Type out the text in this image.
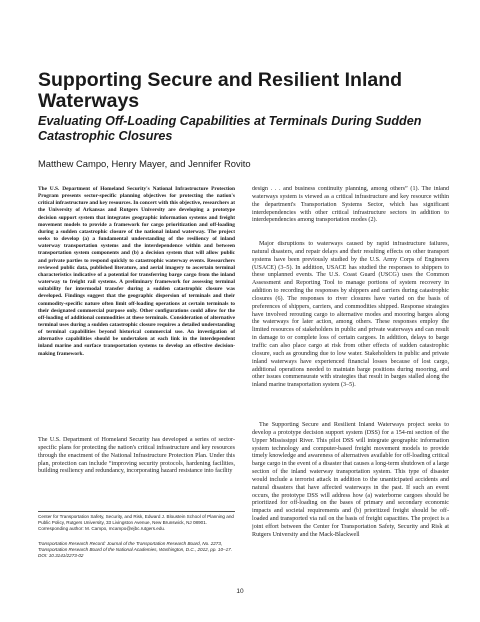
Supporting Secure and Resilient Inland Waterways
Evaluating Off-Loading Capabilities at Terminals During Sudden Catastrophic Closures

Matthew Campo, Henry Mayer, and Jennifer Rovito

The U.S. Department of Homeland Security's National Infrastructure Protection Program presents sector-specific planning objectives for protecting the nation's critical infrastructure and key resources. In concert with this objective, researchers at the University of Arkansas and Rutgers University are developing a prototype decision support system that integrates geographic information systems and freight movement models to provide a framework for cargo prioritization and off-loading during a sudden catastrophic closure of the national inland waterway. The project seeks to develop (a) a fundamental understanding of the resiliency of inland waterway transportation systems and the interdependence within and between transportation system components and (b) a decision system that will allow public and private parties to respond quickly to catastrophic waterway events. Researchers reviewed public data, published literature, and aerial imagery to ascertain terminal characteristics indicative of a potential for transferring barge cargo from the inland waterway to freight rail systems. A preliminary framework for assessing terminal suitability for intermodal transfer during a sudden catastrophic closure was developed. Findings suggest that the geographic dispersion of terminals and their commodity-specific nature often limit off-loading operations at certain terminals to their designated commercial purpose only. Other configurations could allow for the off-loading of additional commodities at these terminals. Consideration of alternative terminal uses during a sudden catastrophic closure requires a detailed understanding of terminal capabilities beyond historical commercial use. An investigation of alternative capabilities should be undertaken at each link in the interdependent inland marine and surface transportation systems to develop an effective decision-making framework.

The U.S. Department of Homeland Security has developed a series of sector-specific plans for protecting the nation's critical infrastructure and key resources through the enactment of the National Infrastructure Protection Plan. Under this plan, protection can include “improving security protocols, hardening facilities, building resiliency and redundancy, incorporating hazard resistance into facility

Center for Transportation Safety, Security, and Risk, Edward J. Bloustein School of Planning and Public Policy, Rutgers University, 33 Livingston Avenue, New Brunswick, NJ 08901. Corresponding author: M. Campo, mcampo@ejbc.rutgers.edu.

Transportation Research Record: Journal of the Transportation Research Board, No. 2273, Transportation Research Board of the National Academies, Washington, D.C., 2012, pp. 10–17. DOI: 10.3141/2273-02

design . . . and business continuity planning, among others” (1). The inland waterways system is viewed as a critical infrastructure and key resource within the department's Transportation Systems Sector, which has significant interdependencies with other critical infrastructure sectors in addition to interdependencies among transportation modes (2).

Major disruptions to waterways caused by rapid infrastructure failures, natural disasters, and repair delays and their resulting effects on other transport systems have been previously studied by the U.S. Army Corps of Engineers (USACE) (3–5). In addition, USACE has studied the responses to shippers to these unplanned events. The U.S. Coast Guard (USCG) uses the Common Assessment and Reporting Tool to manage portions of system recovery in addition to recording the responses by shippers and carriers during catastrophic closures (6). The responses to river closures have varied on the basis of preferences of shippers, carriers, and commodities shipped. Response strategies have involved rerouting cargo to alternative modes and mooring barges along the waterways for later action, among others. These responses employ the limited resources of stakeholders in public and private waterways and can result in damage to or complete loss of certain cargoes. In addition, delays to barge traffic can also place cargo at risk from other effects of sudden catastrophic closure, such as grounding due to low water. Stakeholders in public and private inland waterways have experienced financial losses because of lost cargo, additional operations needed to maintain barge positions during mooring, and other issues commensurate with strategies that result in barges stalled along the inland marine transportation system (3–5).

The Supporting Secure and Resilient Inland Waterways project seeks to develop a prototype decision support system (DSS) for a 154-mi section of the Upper Mississippi River. This pilot DSS will integrate geographic information system technology and computer-based freight movement models to provide timely knowledge and awareness of alternatives available for off-loading critical barge cargo in the event of a disaster that causes a long-term shutdown of a large section of the inland waterway transportation system. This type of disaster would include a terrorist attack in addition to the unanticipated accidents and natural disasters that have affected waterways in the past. If such an event occurs, the prototype DSS will address how (a) waterborne cargoes should be prioritized for off-loading on the bases of primary and secondary economic impacts and societal requirements and (b) prioritized freight should be off-loaded and transported via rail on the basis of freight capacities. The project is a joint effort between the Center for Transportation Safety, Security and Risk at Rutgers University and the Mack-Blackwell

10
